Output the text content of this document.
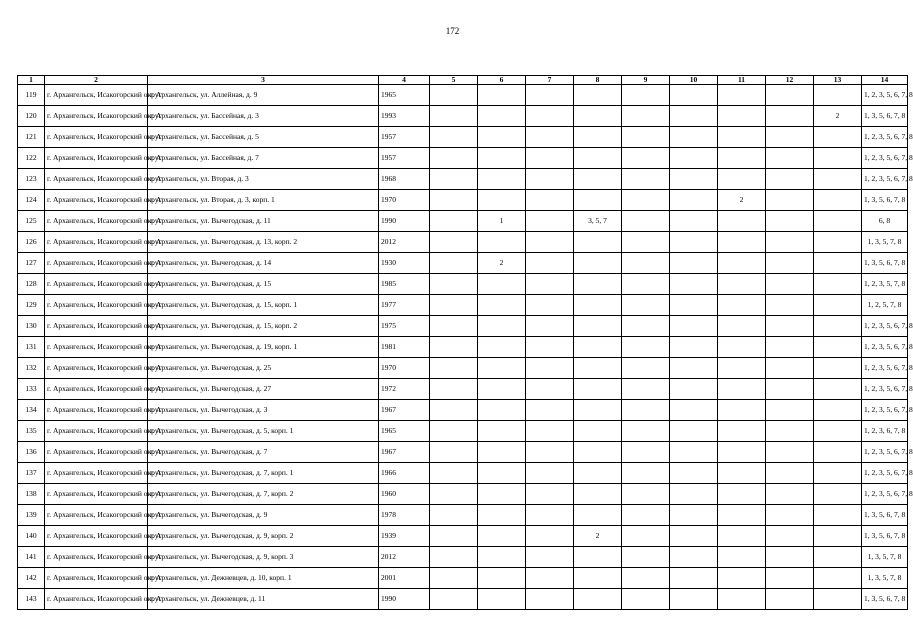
172
1	2	3	4	5	6	7	8	9	10	11	12	13	14
119	г. Архангельск, Исакогорский округ	г. Архангельск, ул. Аллейная, д. 9	1965										1, 2, 3, 5, 6, 7, 8
120	г. Архангельск, Исакогорский округ	г. Архангельск, ул. Бассейная, д. 3	1993									2	1, 3, 5, 6, 7, 8
121	г. Архангельск, Исакогорский округ	г. Архангельск, ул. Бассейная, д. 5	1957										1, 2, 3, 5, 6, 7, 8
122	г. Архангельск, Исакогорский округ	г. Архангельск, ул. Бассейная, д. 7	1957										1, 2, 3, 5, 6, 7, 8
123	г. Архангельск, Исакогорский округ	г. Архангельск, ул. Вторая, д. 3	1968										1, 2, 3, 5, 6, 7, 8
124	г. Архангельск, Исакогорский округ	г. Архангельск, ул. Вторая, д. 3, корп. 1	1970							2			1, 3, 5, 6, 7, 8
125	г. Архангельск, Исакогорский округ	г. Архангельск, ул. Вычегодская, д. 11	1990		1		3, 5, 7						6, 8
126	г. Архангельск, Исакогорский округ	г. Архангельск, ул. Вычегодская, д. 13, корп. 2	2012										1, 3, 5, 7, 8
127	г. Архангельск, Исакогорский округ	г. Архангельск, ул. Вычегодская, д. 14	1930		2								1, 3, 5, 6, 7, 8
128	г. Архангельск, Исакогорский округ	г. Архангельск, ул. Вычегодская, д. 15	1985										1, 2, 3, 5, 7, 8
129	г. Архангельск, Исакогорский округ	г. Архангельск, ул. Вычегодская, д. 15, корп. 1	1977										1, 2, 5, 7, 8
130	г. Архангельск, Исакогорский округ	г. Архангельск, ул. Вычегодская, д. 15, корп. 2	1975										1, 2, 3, 5, 6, 7, 8
131	г. Архангельск, Исакогорский округ	г. Архангельск, ул. Вычегодская, д. 19, корп. 1	1981										1, 2, 3, 5, 6, 7, 8
132	г. Архангельск, Исакогорский округ	г. Архангельск, ул. Вычегодская, д. 25	1970										1, 2, 3, 5, 6, 7, 8
133	г. Архангельск, Исакогорский округ	г. Архангельск, ул. Вычегодская, д. 27	1972										1, 2, 3, 5, 6, 7, 8
134	г. Архангельск, Исакогорский округ	г. Архангельск, ул. Вычегодская, д. 3	1967										1, 2, 3, 5, 6, 7, 8
135	г. Архангельск, Исакогорский округ	г. Архангельск, ул. Вычегодская, д. 5, корп. 1	1965										1, 2, 3, 6, 7, 8
136	г. Архангельск, Исакогорский округ	г. Архангельск, ул. Вычегодская, д. 7	1967										1, 2, 3, 5, 6, 7, 8
137	г. Архангельск, Исакогорский округ	г. Архангельск, ул. Вычегодская, д. 7, корп. 1	1966										1, 2, 3, 5, 6, 7, 8
138	г. Архангельск, Исакогорский округ	г. Архангельск, ул. Вычегодская, д. 7, корп. 2	1960										1, 2, 3, 5, 6, 7, 8
139	г. Архангельск, Исакогорский округ	г. Архангельск, ул. Вычегодская, д. 9	1978										1, 3, 5, 6, 7, 8
140	г. Архангельск, Исакогорский округ	г. Архангельск, ул. Вычегодская, д. 9, корп. 2	1939				2						1, 3, 5, 6, 7, 8
141	г. Архангельск, Исакогорский округ	г. Архангельск, ул. Вычегодская, д. 9, корп. 3	2012										1, 3, 5, 7, 8
142	г. Архангельск, Исакогорский округ	г. Архангельск, ул. Дежневцев, д. 10, корп. 1	2001										1, 3, 5, 7, 8
143	г. Архангельск, Исакогорский округ	г. Архангельск, ул. Дежневцев, д. 11	1990										1, 3, 5, 6, 7, 8
